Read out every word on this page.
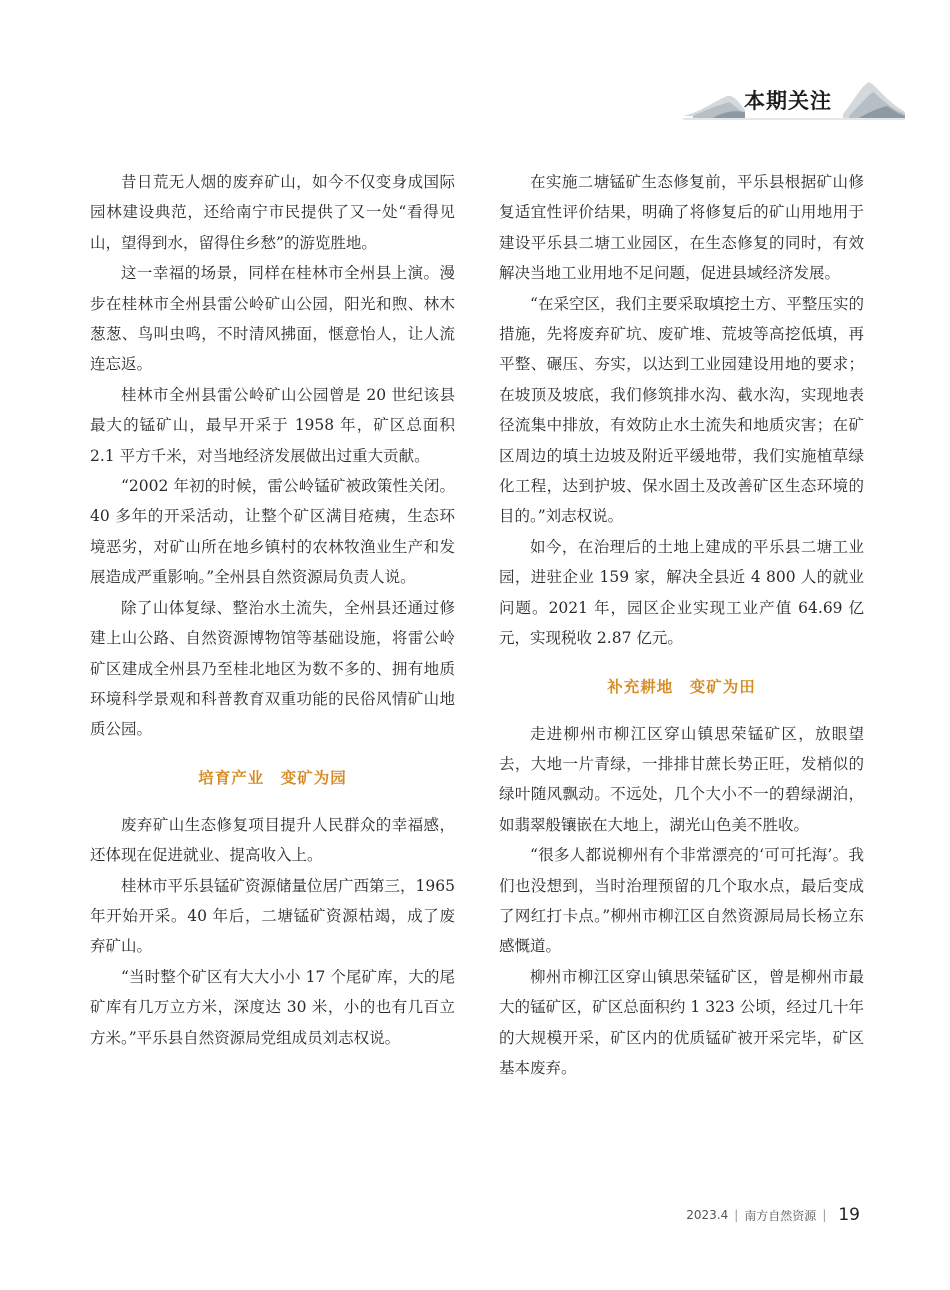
本期关注

昔日荒无人烟的废弃矿山，如今不仅变身成国际园林建设典范，还给南宁市民提供了又一处“看得见山，望得到水，留得住乡愁”的游览胜地。

这一幸福的场景，同样在桂林市全州县上演。漫步在桂林市全州县雷公岭矿山公园，阳光和煦、林木葱葱、鸟叫虫鸣，不时清风拂面，惬意怡人，让人流连忘返。

桂林市全州县雷公岭矿山公园曾是 20 世纪该县最大的锰矿山，最早开采于 1958 年，矿区总面积 2.1 平方千米，对当地经济发展做出过重大贡献。

“2002 年初的时候，雷公岭锰矿被政策性关闭。40 多年的开采活动，让整个矿区满目疮痍，生态环境恶劣，对矿山所在地乡镇村的农林牧渔业生产和发展造成严重影响。”全州县自然资源局负责人说。

除了山体复绿、整治水土流失，全州县还通过修建上山公路、自然资源博物馆等基础设施，将雷公岭矿区建成全州县乃至桂北地区为数不多的、拥有地质环境科学景观和科普教育双重功能的民俗风情矿山地质公园。

培育产业　变矿为园

废弃矿山生态修复项目提升人民群众的幸福感，还体现在促进就业、提高收入上。

桂林市平乐县锰矿资源储量位居广西第三，1965 年开始开采。40 年后，二塘锰矿资源枯竭，成了废弃矿山。

“当时整个矿区有大大小小 17 个尾矿库，大的尾矿库有几万立方米，深度达 30 米，小的也有几百立方米。”平乐县自然资源局党组成员刘志权说。

在实施二塘锰矿生态修复前，平乐县根据矿山修复适宜性评价结果，明确了将修复后的矿山用地用于建设平乐县二塘工业园区，在生态修复的同时，有效解决当地工业用地不足问题，促进县域经济发展。

“在采空区，我们主要采取填挖土方、平整压实的措施，先将废弃矿坑、废矿堆、荒坡等高挖低填，再平整、碾压、夯实，以达到工业园建设用地的要求；在坡顶及坡底，我们修筑排水沟、截水沟，实现地表径流集中排放，有效防止水土流失和地质灾害；在矿区周边的填土边坡及附近平缓地带，我们实施植草绿化工程，达到护坡、保水固土及改善矿区生态环境的目的。”刘志权说。

如今，在治理后的土地上建成的平乐县二塘工业园，进驻企业 159 家，解决全县近 4 800 人的就业问题。2021 年，园区企业实现工业产值 64.69 亿元，实现税收 2.87 亿元。

补充耕地　变矿为田

走进柳州市柳江区穿山镇思荣锰矿区，放眼望去，大地一片青绿，一排排甘蔗长势正旺，发梢似的绿叶随风飘动。不远处，几个大小不一的碧绿湖泊，如翡翠般镶嵌在大地上，湖光山色美不胜收。

“很多人都说柳州有个非常漂亮的‘可可托海’。我们也没想到，当时治理预留的几个取水点，最后变成了网红打卡点。”柳州市柳江区自然资源局局长杨立东感慨道。

柳州市柳江区穿山镇思荣锰矿区，曾是柳州市最大的锰矿区，矿区总面积约 1 323 公顷，经过几十年的大规模开采，矿区内的优质锰矿被开采完毕，矿区基本废弃。

2023.4 | 南方自然资源 | 19
